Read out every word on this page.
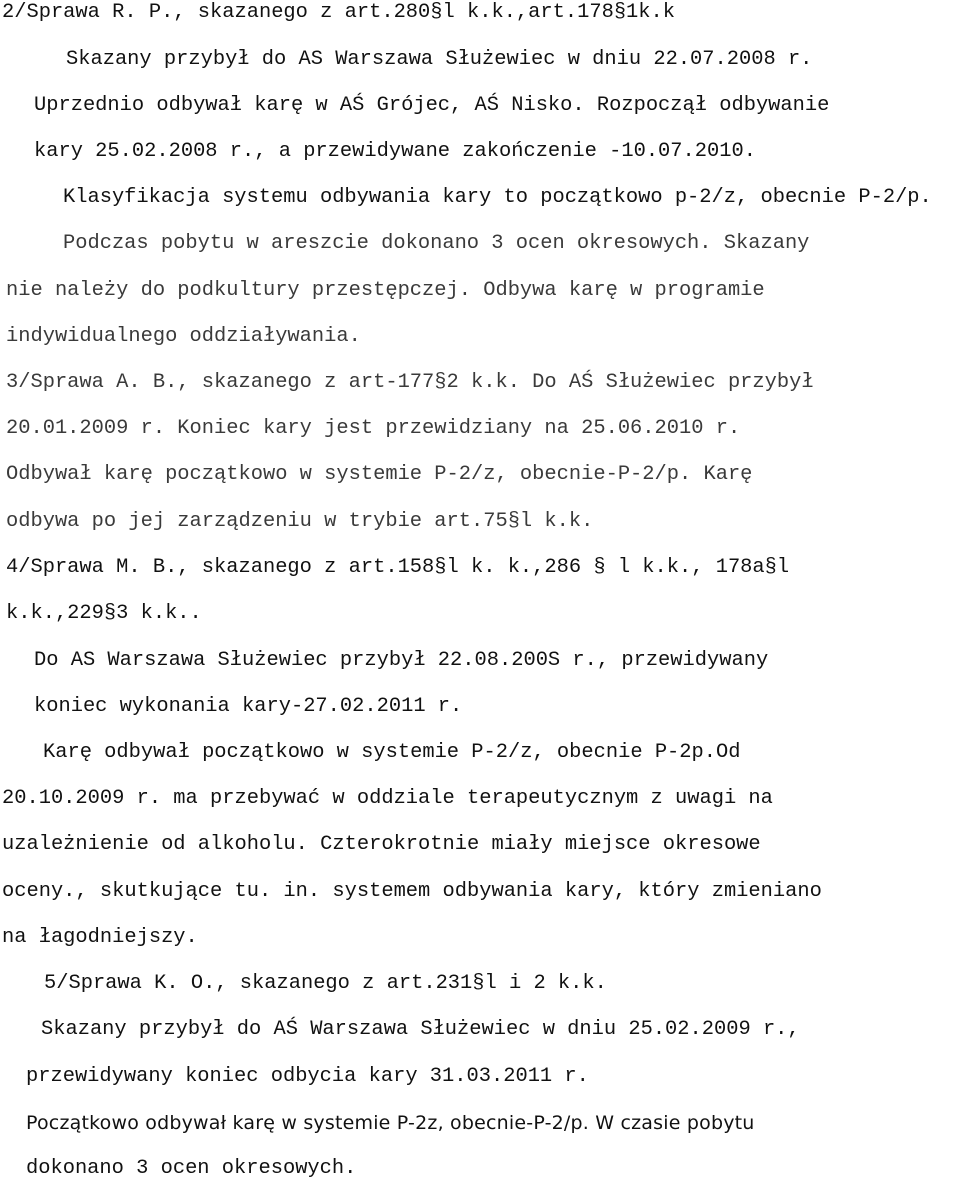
2/Sprawa R. P., skazanego z art.280§l k.k.,art.178§1k.k
Skazany przybył do AS Warszawa Służewiec w dniu 22.07.2008 r.
Uprzednio odbywał karę w AŚ Grójec, AŚ Nisko. Rozpoczął odbywanie
kary 25.02.2008 r., a przewidywane zakończenie -10.07.2010.
Klasyfikacja systemu odbywania kary to początkowo p-2/z, obecnie P-2/p.
Podczas pobytu w areszcie dokonano 3 ocen okresowych. Skazany
nie należy do podkultury przestępczej. Odbywa karę w programie
indywidualnego oddziaływania.
3/Sprawa A. B., skazanego z art-177§2 k.k. Do AŚ Służewiec przybył
20.01.2009 r. Koniec kary jest przewidziany na 25.06.2010 r.
Odbywał karę początkowo w systemie P-2/z, obecnie-P-2/p. Karę
odbywa po jej zarządzeniu w trybie art.75§l k.k.
4/Sprawa M. B., skazanego z art.158§l k. k.,286 § l k.k., 178a§l
k.k.,229§3 k.k..
Do AS Warszawa Służewiec przybył 22.08.200S r., przewidywany
koniec wykonania kary-27.02.2011 r.
Karę odbywał początkowo w systemie P-2/z, obecnie P-2p.Od
20.10.2009 r. ma przebywać w oddziale terapeutycznym z uwagi na
uzależnienie od alkoholu. Czterokrotnie miały miejsce okresowe
oceny., skutkujące tu. in. systemem odbywania kary, który zmieniano
na łagodniejszy.
5/Sprawa K. O., skazanego z art.231§l i 2 k.k.
Skazany przybył do AŚ Warszawa Służewiec w dniu 25.02.2009 r.,
przewidywany koniec odbycia kary 31.03.2011 r.
Początkowo odbywał karę w systemie P-2z, obecnie-P-2/p. W czasie pobytu
dokonano 3 ocen okresowych.
